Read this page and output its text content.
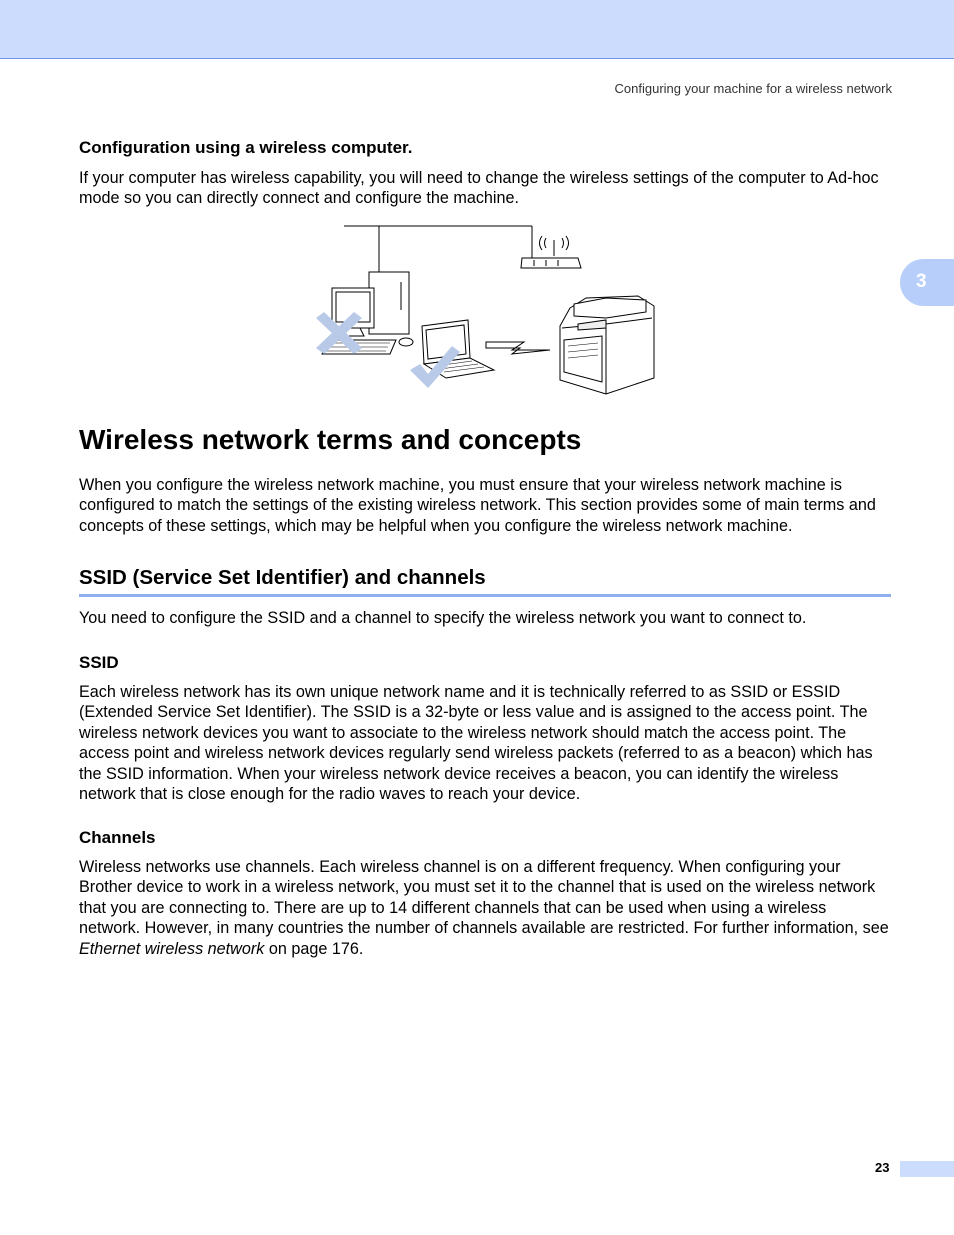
Configuring your machine for a wireless network
3
Configuration using a wireless computer.
If your computer has wireless capability, you will need to change the wireless settings of the computer to Ad-hoc mode so you can directly connect and configure the machine.
Wireless network terms and concepts
When you configure the wireless network machine, you must ensure that your wireless network machine is configured to match the settings of the existing wireless network. This section provides some of main terms and concepts of these settings, which may be helpful when you configure the wireless network machine.
SSID (Service Set Identifier) and channels
You need to configure the SSID and a channel to specify the wireless network you want to connect to.
SSID
Each wireless network has its own unique network name and it is technically referred to as SSID or ESSID (Extended Service Set Identifier). The SSID is a 32-byte or less value and is assigned to the access point. The wireless network devices you want to associate to the wireless network should match the access point. The access point and wireless network devices regularly send wireless packets (referred to as a beacon) which has the SSID information. When your wireless network device receives a beacon, you can identify the wireless network that is close enough for the radio waves to reach your device.
Channels
Wireless networks use channels. Each wireless channel is on a different frequency. When configuring your Brother device to work in a wireless network, you must set it to the channel that is used on the wireless network that you are connecting to. There are up to 14 different channels that can be used when using a wireless network. However, in many countries the number of channels available are restricted. For further information, see Ethernet wireless network on page 176.
23
